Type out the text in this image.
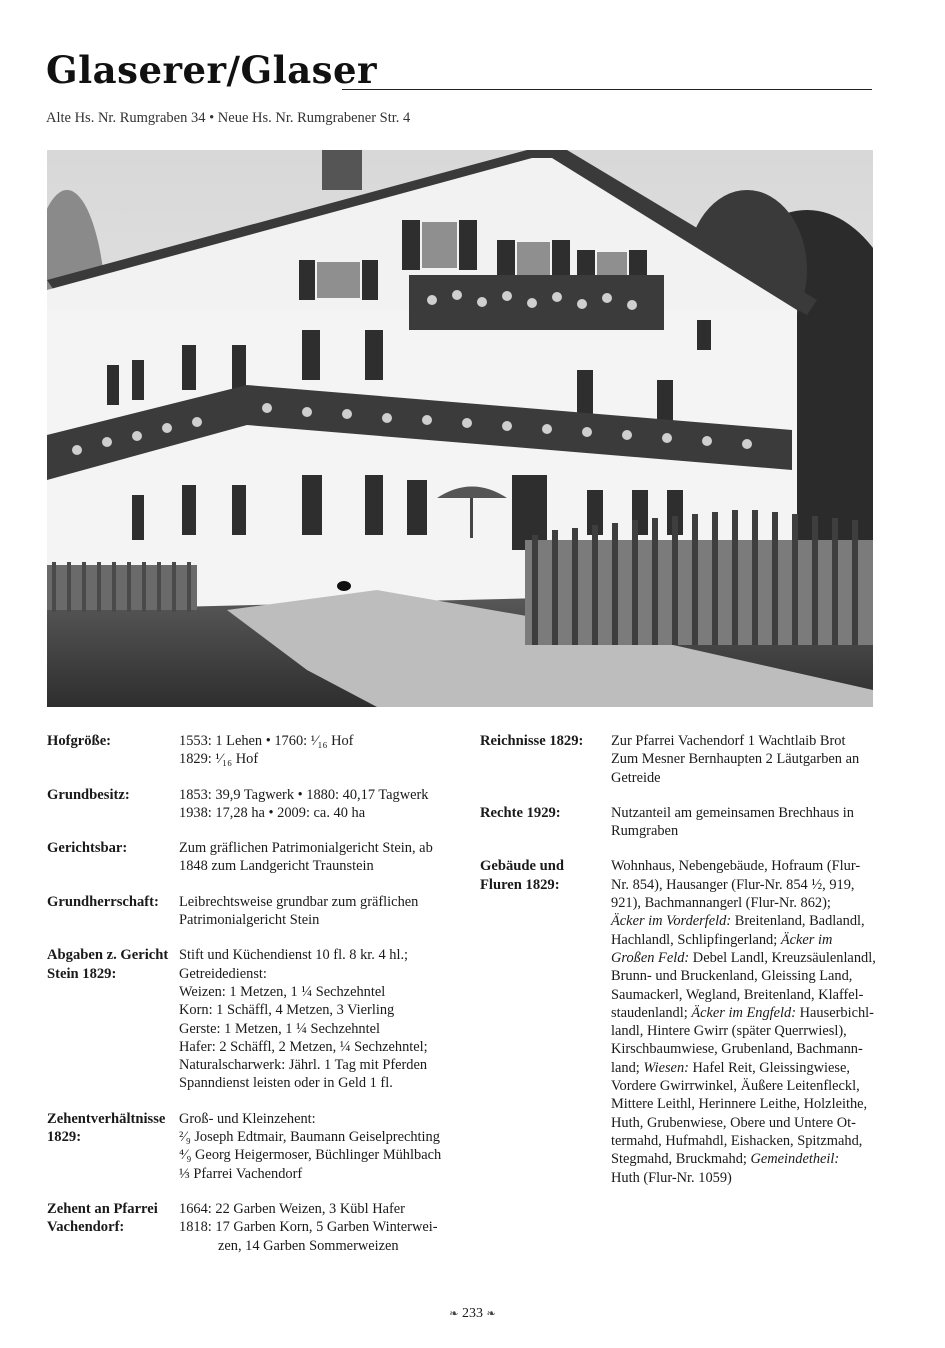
Glaserer/Glaser
Alte Hs. Nr. Rumgraben 34 • Neue Hs. Nr. Rumgrabener Str. 4
Hofgröße:	1553: 1 Lehen • 1760: ¹⁄₁₆ Hof
1829: ¹⁄₁₆ Hof
Grundbesitz:	1853: 39,9 Tagwerk • 1880: 40,17 Tagwerk
1938: 17,28 ha • 2009: ca. 40 ha
Gerichtsbar:	Zum gräflichen Patrimonialgericht Stein, ab
1848 zum Landgericht Traunstein
Grundherrschaft:	Leibrechtsweise grundbar zum gräflichen
Patrimonialgericht Stein
Abgaben z. Gericht
Stein 1829:
Stift und Küchendienst 10 fl. 8 kr. 4 hl.;
Getreidedienst:
Weizen: 1 Metzen, 1 ¼ Sechzehntel
Korn: 1 Schäffl, 4 Metzen, 3 Vierling
Gerste: 1 Metzen, 1 ¼ Sechzehntel
Hafer: 2 Schäffl, 2 Metzen, ¼ Sechzehntel;
Naturalscharwerk: Jährl. 1 Tag mit Pferden
Spanndienst leisten oder in Geld 1 fl.
Zehentverhältnisse
1829:
Groß- und Kleinzehent:
²⁄₉ Joseph Edtmair, Baumann Geiselprechting
⁴⁄₉ Georg Heigermoser, Büchlinger Mühlbach
⅓ Pfarrei Vachendorf
Zehent an Pfarrei
Vachendorf:
1664: 22 Garben Weizen, 3 Kübl Hafer
1818: 17 Garben Korn, 5 Garben Winterwei-
zen, 14 Garben Sommerweizen
Reichnisse 1829:	Zur Pfarrei Vachendorf 1 Wachtlaib Brot
Zum Mesner Bernhaupten 2 Läutgarben an
Getreide
Rechte 1929:	Nutzanteil am gemeinsamen Brechhaus in
Rumgraben
Gebäude und
Fluren 1829:
Wohnhaus, Nebengebäude, Hofraum (Flur-
Nr. 854), Hausanger (Flur-Nr. 854 ½, 919,
921), Bachmannangerl (Flur-Nr. 862);
Äcker im Vorderfeld: Breitenland, Badlandl,
Hachlandl, Schlipfingerland; Äcker im
Großen Feld: Debel Landl, Kreuzsäulenlandl,
Brunn- und Bruckenland, Gleissing Land,
Saumackerl, Wegland, Breitenland, Klaffel-
staudenlandl; Äcker im Engfeld: Hauserbichl-
landl, Hintere Gwirr (später Querrwiesl),
Kirschbaumwiese, Grubenland, Bachmann-
land; Wiesen: Hafel Reit, Gleissingwiese,
Vordere Gwirrwinkel, Äußere Leitenfleckl,
Mittere Leithl, Herinnere Leithe, Holzleithe,
Huth, Grubenwiese, Obere und Untere Ot-
termahd, Hufmahdl, Eishacken, Spitzmahd,
Stegmahd, Bruckmahd; Gemeindetheil:
Huth (Flur-Nr. 1059)
❧ 233 ❧
